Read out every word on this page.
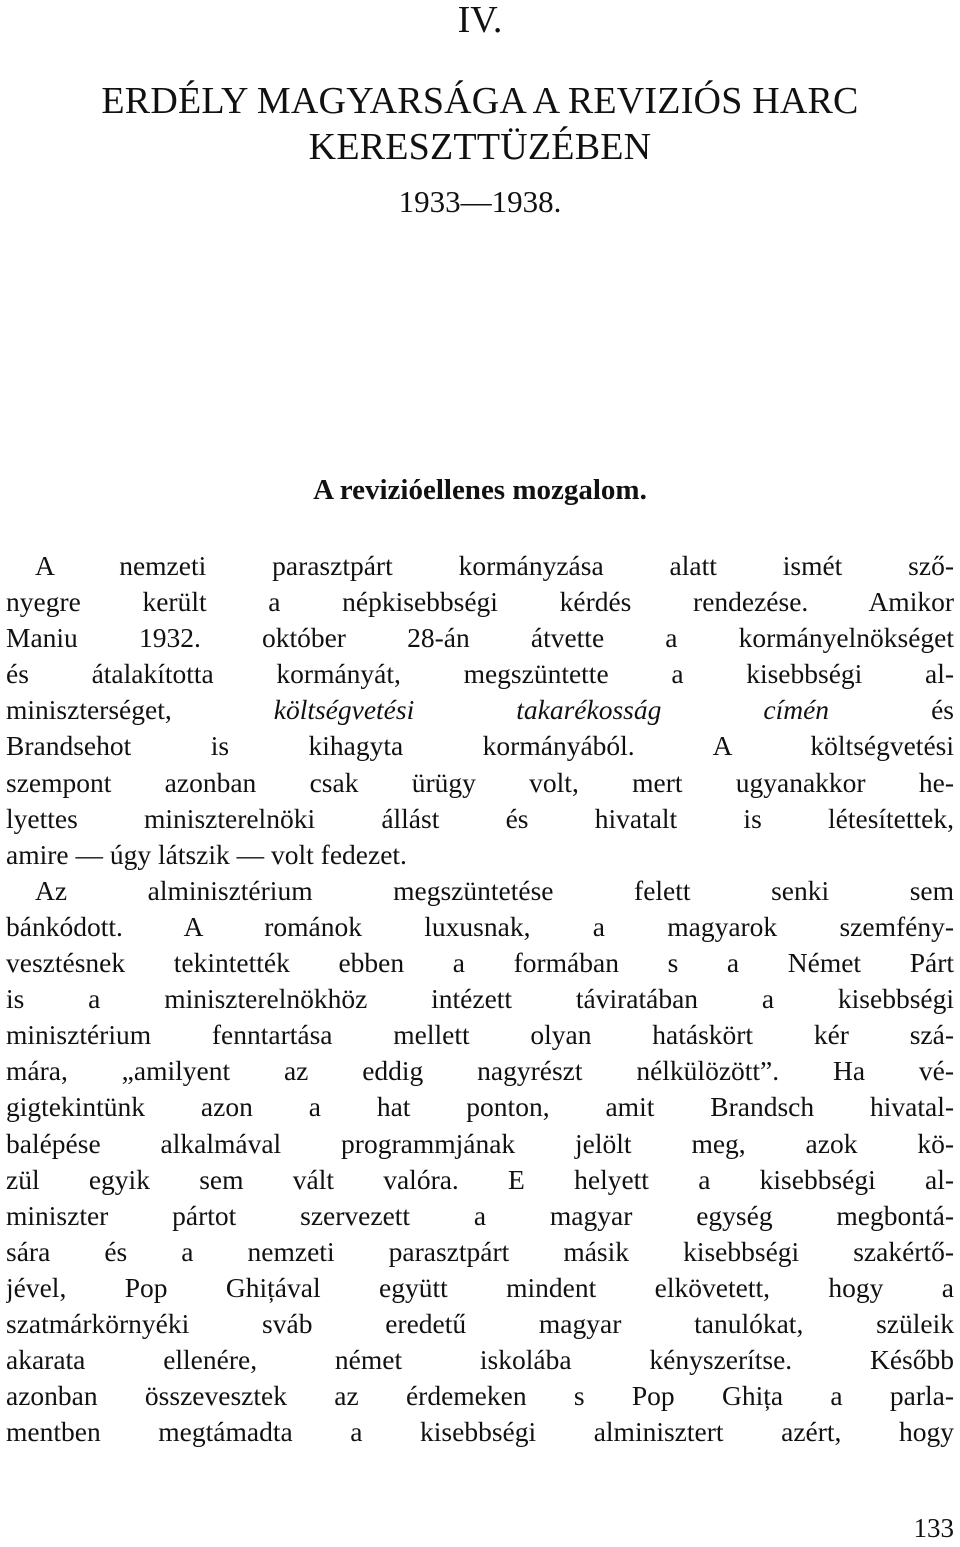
IV.
ERDÉLY MAGYARSÁGA A REVIZIÓS HARC
KERESZTTÜZÉBEN
1933—1938.
A revizióellenes mozgalom.
A nemzeti parasztpárt kormányzása alatt ismét sző-
nyegre került a népkisebbségi kérdés rendezése. Amikor
Maniu 1932. október 28-án átvette a kormányelnökséget
és átalakította kormányát, megszüntette a kisebbségi al-
miniszterséget, költségvetési takarékosság címén és
Brandsehot is kihagyta kormányából. A költségvetési
szempont azonban csak ürügy volt, mert ugyanakkor he-
lyettes miniszterelnöki állást és hivatalt is létesítettek,
amire — úgy látszik — volt fedezet.
Az alminisztérium megszüntetése felett senki sem
bánkódott. A románok luxusnak, a magyarok szemfény-
vesztésnek tekintették ebben a formában s a Német Párt
is a miniszterelnökhöz intézett táviratában a kisebbségi
minisztérium fenntartása mellett olyan hatáskört kér szá-
mára, „amilyent az eddig nagyrészt nélkülözött”. Ha vé-
gigtekintünk azon a hat ponton, amit Brandsch hivatal-
balépése alkalmával programmjának jelölt meg, azok kö-
zül egyik sem vált valóra. E helyett a kisebbségi al-
miniszter pártot szervezett a magyar egység megbontá-
sára és a nemzeti parasztpárt másik kisebbségi szakértő-
jével, Pop Ghițával együtt mindent elkövetett, hogy a
szatmárkörnyéki sváb eredetű magyar tanulókat, szüleik
akarata ellenére, német iskolába kényszerítse. Később
azonban összevesztek az érdemeken s Pop Ghița a parla-
mentben megtámadta a kisebbségi alminisztert azért, hogy
133
